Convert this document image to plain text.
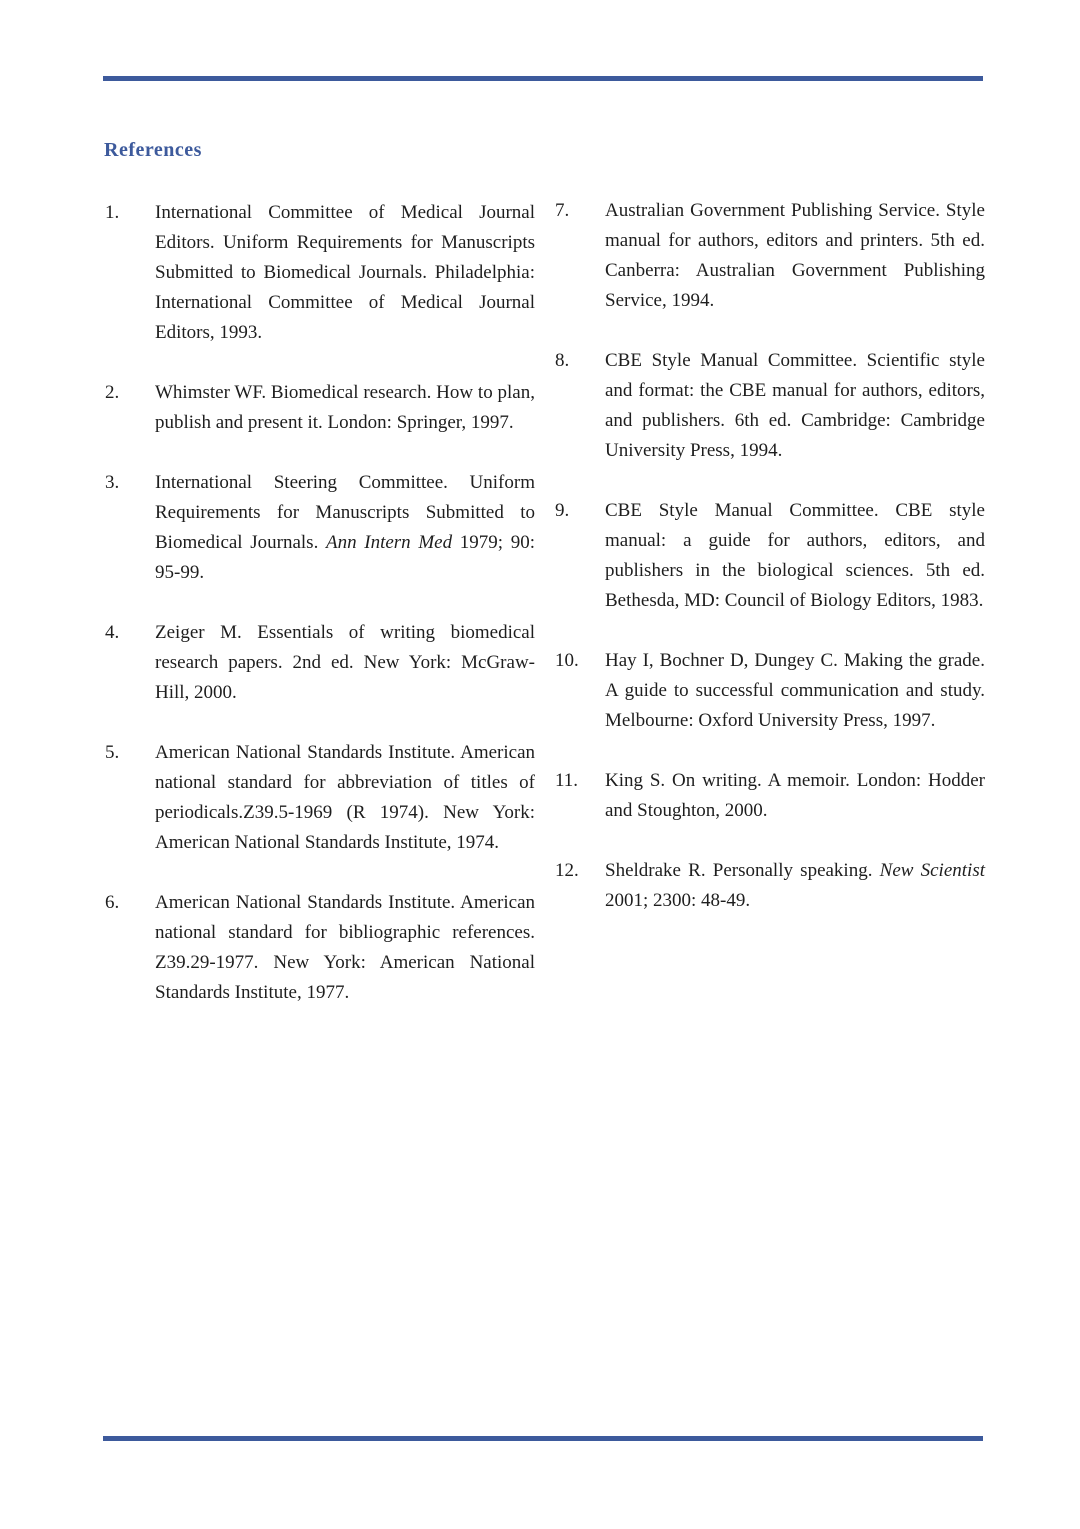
References
1.	International Committee of Medical Journal Editors. Uniform Requirements for Manuscripts Submitted to Biomedical Journals. Philadelphia: International Committee of Medical Journal Editors, 1993.
2.	Whimster WF. Biomedical research. How to plan, publish and present it. London: Springer, 1997.
3.	International Steering Committee. Uniform Requirements for Manuscripts Submitted to Biomedical Journals. Ann Intern Med 1979; 90: 95-99.
4.	Zeiger M. Essentials of writing biomedical research papers. 2nd ed. New York: McGraw-Hill, 2000.
5.	American National Standards Institute. American national standard for abbreviation of titles of periodicals.Z39.5-1969 (R 1974). New York: American National Standards Institute, 1974.
6.	American National Standards Institute. American national standard for bibliographic references. Z39.29-1977. New York: American National Standards Institute, 1977.
7.	Australian Government Publishing Service. Style manual for authors, editors and printers. 5th ed. Canberra: Australian Government Publishing Service, 1994.
8.	CBE Style Manual Committee. Scientific style and format: the CBE manual for authors, editors, and publishers. 6th ed. Cambridge: Cambridge University Press, 1994.
9.	CBE Style Manual Committee. CBE style manual: a guide for authors, editors, and publishers in the biological sciences. 5th ed. Bethesda, MD: Council of Biology Editors, 1983.
10.	Hay I, Bochner D, Dungey C. Making the grade. A guide to successful communication and study. Melbourne: Oxford University Press, 1997.
11.	King S. On writing. A memoir. London: Hodder and Stoughton, 2000.
12.	Sheldrake R. Personally speaking. New Scientist 2001; 2300: 48-49.
